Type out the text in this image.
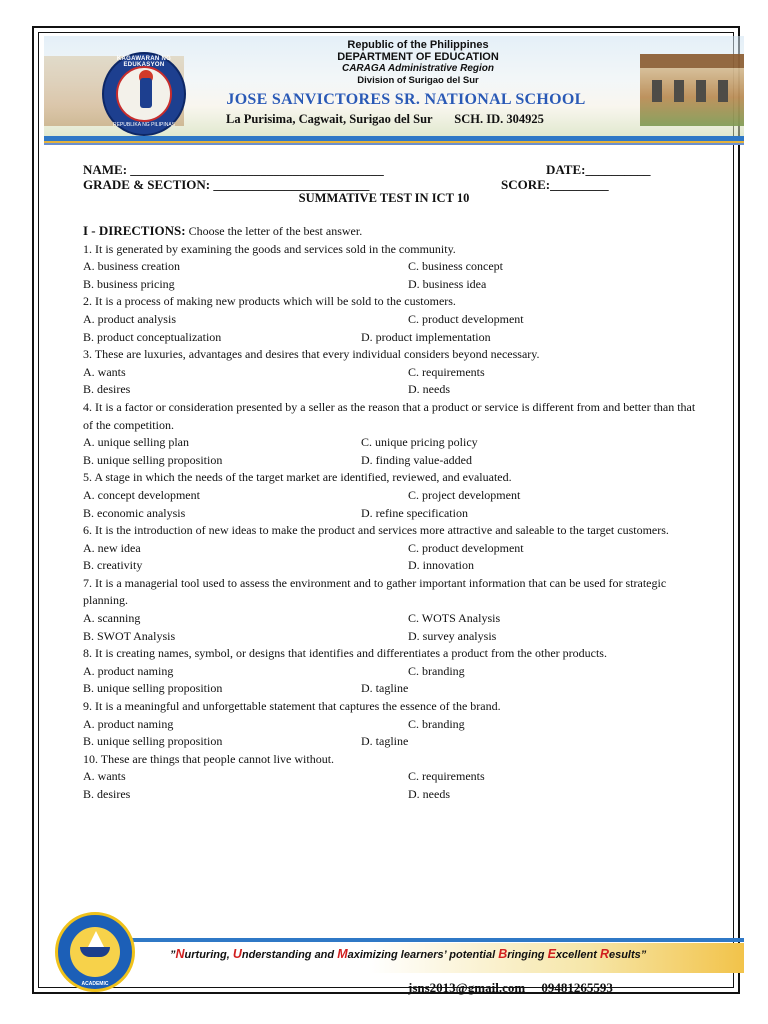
KAGAWARAN NG EDUKASYON
REPUBLIKA NG PILIPINAS
Republic of the Philippines
DEPARTMENT OF EDUCATION
CARAGA Administrative Region
Division of Surigao del Sur
JOSE SANVICTORES SR. NATIONAL SCHOOL
La Purisima, Cagwait, Surigao del Sur       SCH. ID. 304925
NAME: _______________________________________	DATE:__________
GRADE & SECTION: ________________________	SCORE:_________
SUMMATIVE TEST IN ICT 10

I - DIRECTIONS: Choose the letter of the best answer.

1. It is generated by examining the goods and services sold in the community.

A. business creation	C. business concept
B. business pricing	D. business idea

2. It is a process of making new products which will be sold to the customers.

A. product analysis	C. product development
B. product conceptualization	D. product implementation

3. These are luxuries, advantages and desires that every individual considers beyond necessary.

A. wants	C. requirements
B. desires	D. needs

4. It is a factor or consideration presented by a seller as the reason that a product or service is different from and better than that of the competition.

A. unique selling plan	C. unique pricing policy
B. unique selling proposition	D. finding value-added

5. A stage in which the needs of the target market are identified, reviewed, and evaluated.

A. concept development	C. project development
B. economic analysis	D. refine specification

6. It is the introduction of new ideas to make the product and services more attractive and saleable to the target customers.

A. new idea	C. product development
B. creativity	D. innovation

7. It is a managerial tool used to assess the environment and to gather important information that can be used for strategic planning.

A. scanning	C. WOTS Analysis
B. SWOT Analysis	D. survey analysis

8. It is creating names, symbol, or designs that identifies and differentiates a product from the other products.

A. product naming	C. branding
B. unique selling proposition	D. tagline

9. It is a meaningful and unforgettable statement that captures the essence of the brand.

A. product naming	C. branding
B. unique selling proposition	D. tagline

10. These are things that people cannot live without.

A. wants	C. requirements
B. desires	D. needs
ACADEMIC
”Nurturing, Understanding and Maximizing learners’ potential Bringing Excellent Results”
jsns2013@gmail.com     09481265593
